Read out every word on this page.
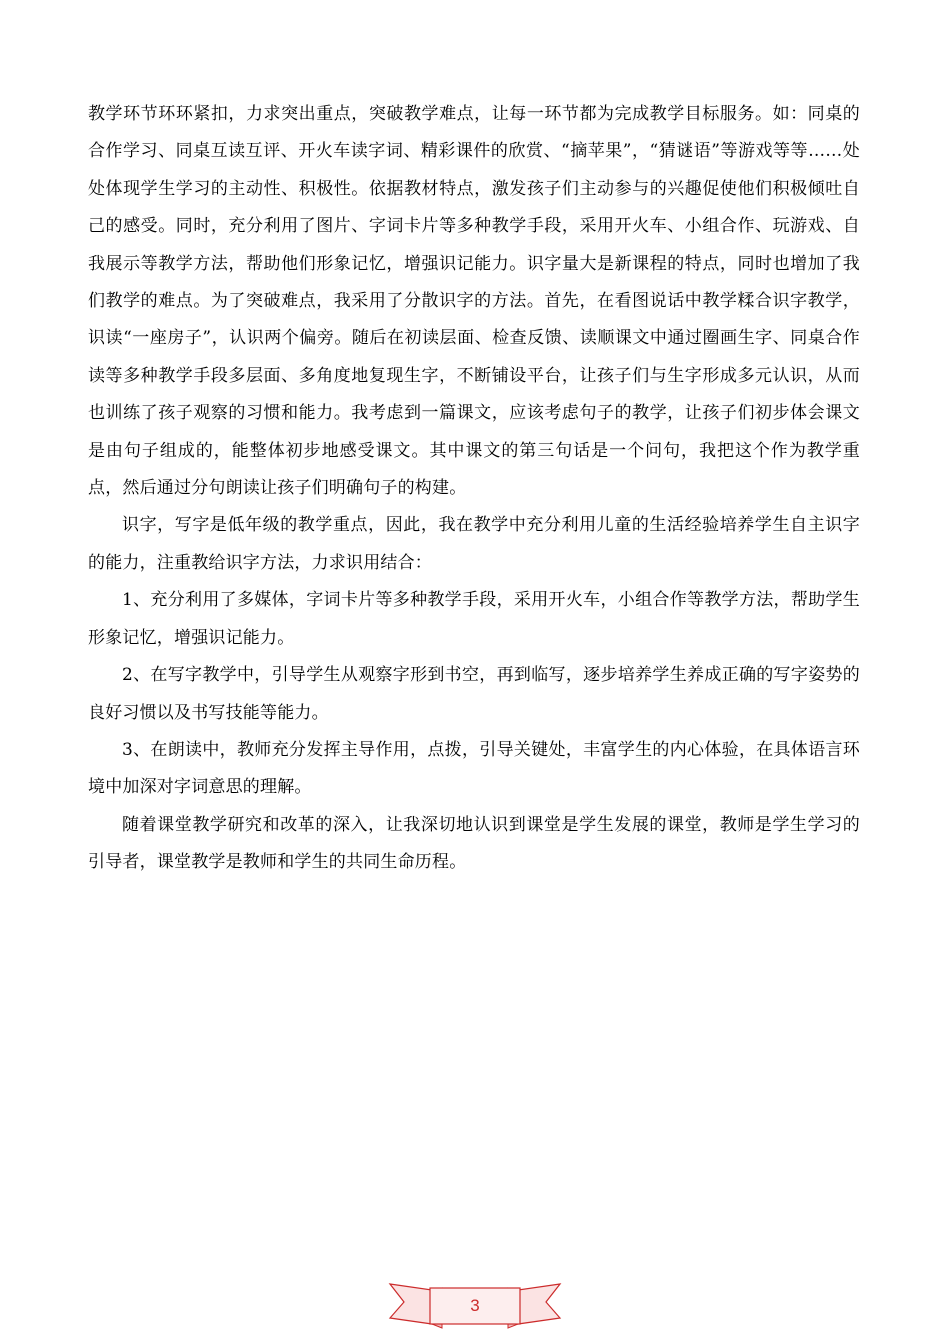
教学环节环环紧扣，力求突出重点，突破教学难点，让每一环节都为完成教学目标服务。如：同桌的合作学习、同桌互读互评、开火车读字词、精彩课件的欣赏、“摘苹果”，“猜谜语”等游戏等等……处处体现学生学习的主动性、积极性。依据教材特点，激发孩子们主动参与的兴趣促使他们积极倾吐自己的感受。同时，充分利用了图片、字词卡片等多种教学手段，采用开火车、小组合作、玩游戏、自我展示等教学方法，帮助他们形象记忆，增强识记能力。识字量大是新课程的特点，同时也增加了我们教学的难点。为了突破难点，我采用了分散识字的方法。首先，在看图说话中教学糅合识字教学，识读“一座房子”，认识两个偏旁。随后在初读层面、检查反馈、读顺课文中通过圈画生字、同桌合作读等多种教学手段多层面、多角度地复现生字，不断铺设平台，让孩子们与生字形成多元认识，从而也训练了孩子观察的习惯和能力。我考虑到一篇课文，应该考虑句子的教学，让孩子们初步体会课文是由句子组成的，能整体初步地感受课文。其中课文的第三句话是一个问句，我把这个作为教学重点，然后通过分句朗读让孩子们明确句子的构建。

识字，写字是低年级的教学重点，因此，我在教学中充分利用儿童的生活经验培养学生自主识字的能力，注重教给识字方法，力求识用结合：

1、充分利用了多媒体，字词卡片等多种教学手段，采用开火车，小组合作等教学方法，帮助学生形象记忆，增强识记能力。

2、在写字教学中，引导学生从观察字形到书空，再到临写，逐步培养学生养成正确的写字姿势的良好习惯以及书写技能等能力。

3、在朗读中，教师充分发挥主导作用，点拨，引导关键处，丰富学生的内心体验，在具体语言环境中加深对字词意思的理解。

随着课堂教学研究和改革的深入，让我深切地认识到课堂是学生发展的课堂，教师是学生学习的引导者，课堂教学是教师和学生的共同生命历程。

3
